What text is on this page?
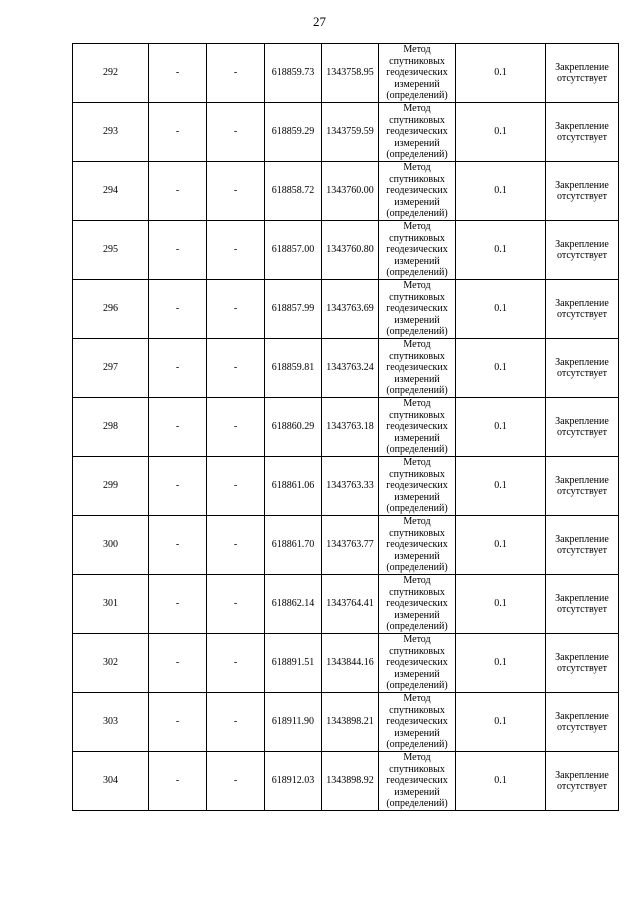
27
292	-	-	618859.73	1343758.95	Метод
спутниковых
геодезических
измерений
(определений)	0.1	Закрепление
отсутствует
293	-	-	618859.29	1343759.59	Метод
спутниковых
геодезических
измерений
(определений)	0.1	Закрепление
отсутствует
294	-	-	618858.72	1343760.00	Метод
спутниковых
геодезических
измерений
(определений)	0.1	Закрепление
отсутствует
295	-	-	618857.00	1343760.80	Метод
спутниковых
геодезических
измерений
(определений)	0.1	Закрепление
отсутствует
296	-	-	618857.99	1343763.69	Метод
спутниковых
геодезических
измерений
(определений)	0.1	Закрепление
отсутствует
297	-	-	618859.81	1343763.24	Метод
спутниковых
геодезических
измерений
(определений)	0.1	Закрепление
отсутствует
298	-	-	618860.29	1343763.18	Метод
спутниковых
геодезических
измерений
(определений)	0.1	Закрепление
отсутствует
299	-	-	618861.06	1343763.33	Метод
спутниковых
геодезических
измерений
(определений)	0.1	Закрепление
отсутствует
300	-	-	618861.70	1343763.77	Метод
спутниковых
геодезических
измерений
(определений)	0.1	Закрепление
отсутствует
301	-	-	618862.14	1343764.41	Метод
спутниковых
геодезических
измерений
(определений)	0.1	Закрепление
отсутствует
302	-	-	618891.51	1343844.16	Метод
спутниковых
геодезических
измерений
(определений)	0.1	Закрепление
отсутствует
303	-	-	618911.90	1343898.21	Метод
спутниковых
геодезических
измерений
(определений)	0.1	Закрепление
отсутствует
304	-	-	618912.03	1343898.92	Метод
спутниковых
геодезических
измерений
(определений)	0.1	Закрепление
отсутствует
